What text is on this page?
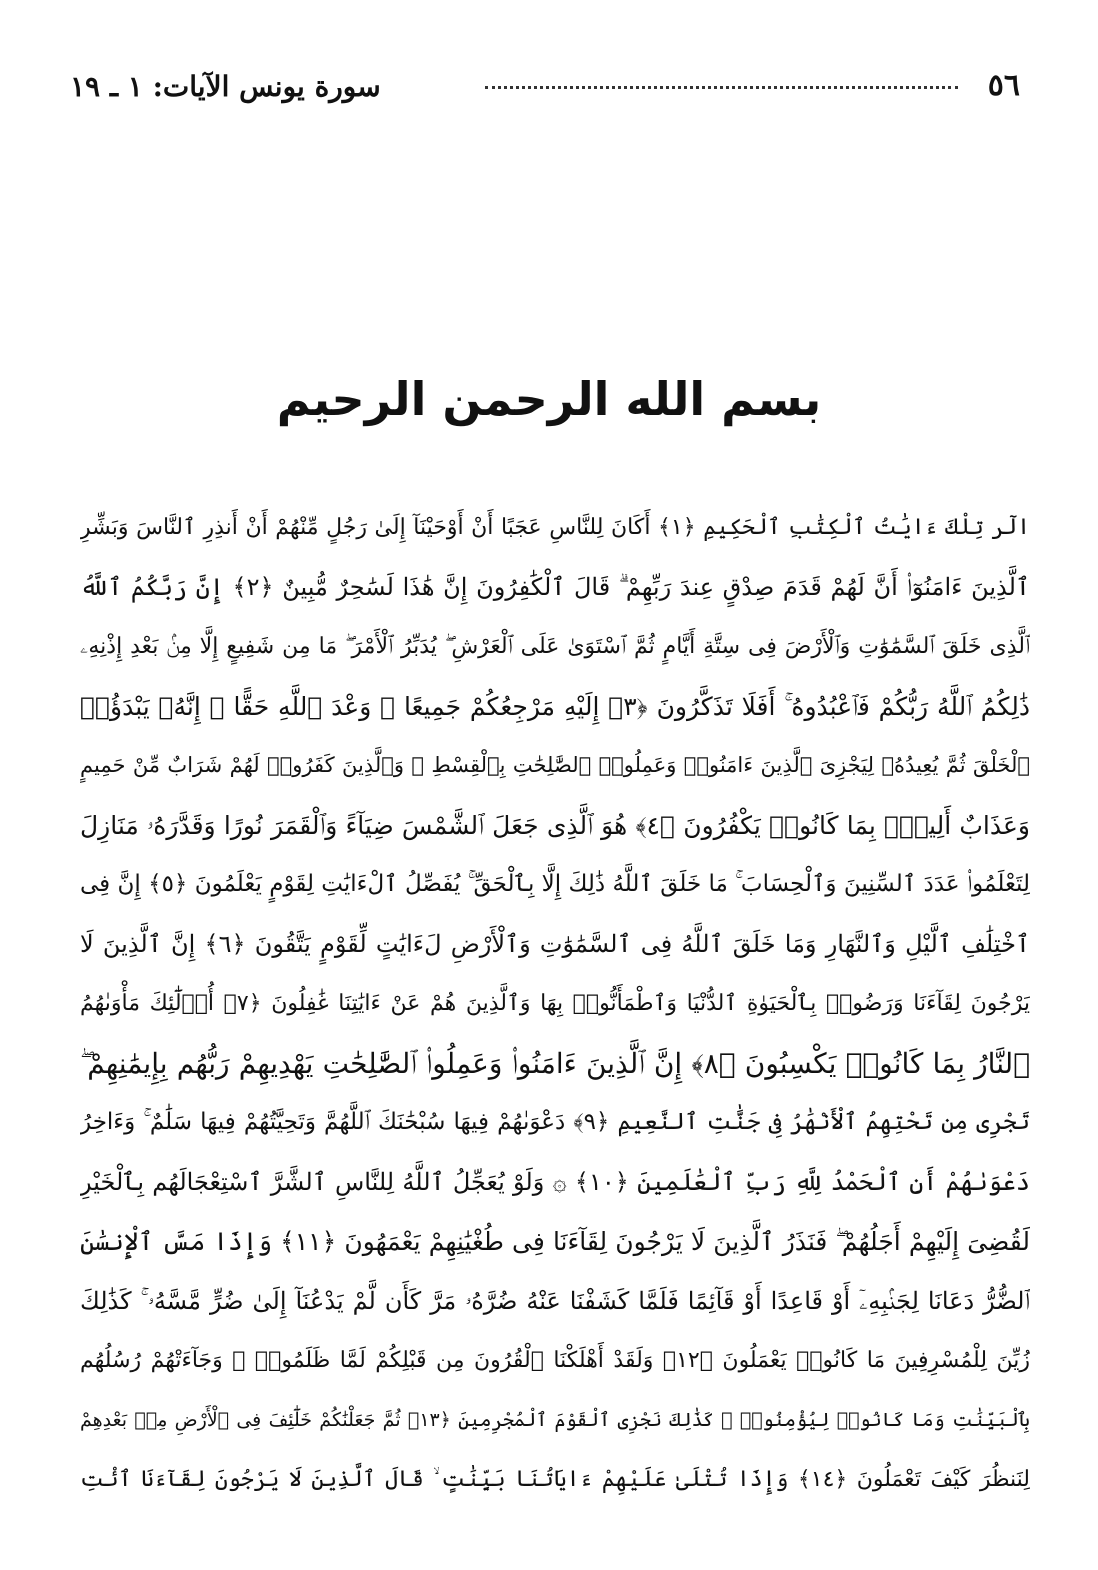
٥٦
سورة يونس الآيات: ١ ـ ١٩
بسم الله الرحمن الرحيم
الٓر تِلْكَ ءَايَٰتُ ٱلْكِتَٰبِ ٱلْحَكِيمِ ﴿١﴾ أَكَانَ لِلنَّاسِ عَجَبًا أَنْ أَوْحَيْنَآ إِلَىٰ رَجُلٍ مِّنْهُمْ أَنْ أَنذِرِ ٱلنَّاسَ وَبَشِّرِ
ٱلَّذِينَ ءَامَنُوٓا۟ أَنَّ لَهُمْ قَدَمَ صِدْقٍ عِندَ رَبِّهِمْ ۗ قَالَ ٱلْكَٰفِرُونَ إِنَّ هَٰذَا لَسَٰحِرٌ مُّبِينٌ ﴿٢﴾ إِنَّ رَبَّكُمُ ٱللَّهُ
ٱلَّذِى خَلَقَ ٱلسَّمَٰوَٰتِ وَٱلْأَرْضَ فِى سِتَّةِ أَيَّامٍ ثُمَّ ٱسْتَوَىٰ عَلَى ٱلْعَرْشِ ۖ يُدَبِّرُ ٱلْأَمْرَ ۖ مَا مِن شَفِيعٍ إِلَّا مِنۢ بَعْدِ إِذْنِهِۦ
ذَٰلِكُمُ ٱللَّهُ رَبُّكُمْ فَٱعْبُدُوهُ ۚ أَفَلَا تَذَكَّرُونَ ﴿٣﴾ إِلَيْهِ مَرْجِعُكُمْ جَمِيعًا ۖ وَعْدَ ٱللَّهِ حَقًّا ۚ إِنَّهُۥ يَبْدَؤُا۟
ٱلْخَلْقَ ثُمَّ يُعِيدُهُۥ لِيَجْزِىَ ٱلَّذِينَ ءَامَنُوا۟ وَعَمِلُوا۟ ٱلصَّٰلِحَٰتِ بِٱلْقِسْطِ ۚ وَٱلَّذِينَ كَفَرُوا۟ لَهُمْ شَرَابٌ مِّنْ حَمِيمٍ
وَعَذَابٌ أَلِيمٌۢ بِمَا كَانُوا۟ يَكْفُرُونَ ﴿٤﴾ هُوَ ٱلَّذِى جَعَلَ ٱلشَّمْسَ ضِيَآءً وَٱلْقَمَرَ نُورًا وَقَدَّرَهُۥ مَنَازِلَ
لِتَعْلَمُوا۟ عَدَدَ ٱلسِّنِينَ وَٱلْحِسَابَ ۚ مَا خَلَقَ ٱللَّهُ ذَٰلِكَ إِلَّا بِٱلْحَقِّ ۚ يُفَصِّلُ ٱلْءَايَٰتِ لِقَوْمٍ يَعْلَمُونَ ﴿٥﴾ إِنَّ فِى
ٱخْتِلَٰفِ ٱلَّيْلِ وَٱلنَّهَارِ وَمَا خَلَقَ ٱللَّهُ فِى ٱلسَّمَٰوَٰتِ وَٱلْأَرْضِ لَءَايَٰتٍ لِّقَوْمٍ يَتَّقُونَ ﴿٦﴾ إِنَّ ٱلَّذِينَ لَا
يَرْجُونَ لِقَآءَنَا وَرَضُوا۟ بِٱلْحَيَوٰةِ ٱلدُّنْيَا وَٱطْمَأَنُّوا۟ بِهَا وَٱلَّذِينَ هُمْ عَنْ ءَايَٰتِنَا غَٰفِلُونَ ﴿٧﴾ أُو۟لَٰٓئِكَ مَأْوَىٰهُمُ
ٱلنَّارُ بِمَا كَانُوا۟ يَكْسِبُونَ ﴿٨﴾ إِنَّ ٱلَّذِينَ ءَامَنُوا۟ وَعَمِلُوا۟ ٱلصَّٰلِحَٰتِ يَهْدِيهِمْ رَبُّهُم بِإِيمَٰنِهِمْ ۖ
تَجْرِى مِن تَحْتِهِمُ ٱلْأَنْهَٰرُ فِى جَنَّٰتِ ٱلنَّعِيمِ ﴿٩﴾ دَعْوَىٰهُمْ فِيهَا سُبْحَٰنَكَ ٱللَّهُمَّ وَتَحِيَّتُهُمْ فِيهَا سَلَٰمٌ ۚ وَءَاخِرُ
دَعْوَىٰهُمْ أَنِ ٱلْحَمْدُ لِلَّهِ رَبِّ ٱلْعَٰلَمِينَ ﴿١٠﴾ ۞ وَلَوْ يُعَجِّلُ ٱللَّهُ لِلنَّاسِ ٱلشَّرَّ ٱسْتِعْجَالَهُم بِٱلْخَيْرِ
لَقُضِىَ إِلَيْهِمْ أَجَلُهُمْ ۖ فَنَذَرُ ٱلَّذِينَ لَا يَرْجُونَ لِقَآءَنَا فِى طُغْيَٰنِهِمْ يَعْمَهُونَ ﴿١١﴾ وَإِذَا مَسَّ ٱلْإِنسَٰنَ
ٱلضُّرُّ دَعَانَا لِجَنۢبِهِۦٓ أَوْ قَاعِدًا أَوْ قَآئِمًا فَلَمَّا كَشَفْنَا عَنْهُ ضُرَّهُۥ مَرَّ كَأَن لَّمْ يَدْعُنَآ إِلَىٰ ضُرٍّ مَّسَّهُۥ ۚ كَذَٰلِكَ
زُيِّنَ لِلْمُسْرِفِينَ مَا كَانُوا۟ يَعْمَلُونَ ﴿١٢﴾ وَلَقَدْ أَهْلَكْنَا ٱلْقُرُونَ مِن قَبْلِكُمْ لَمَّا ظَلَمُوا۟ ۙ وَجَآءَتْهُمْ رُسُلُهُم
بِٱلْبَيِّنَٰتِ وَمَا كَانُوا۟ لِيُؤْمِنُوا۟ ۚ كَذَٰلِكَ نَجْزِى ٱلْقَوْمَ ٱلْمُجْرِمِينَ ﴿١٣﴾ ثُمَّ جَعَلْنَٰكُمْ خَلَٰٓئِفَ فِى ٱلْأَرْضِ مِنۢ بَعْدِهِمْ
لِنَنظُرَ كَيْفَ تَعْمَلُونَ ﴿١٤﴾ وَإِذَا تُتْلَىٰ عَلَيْهِمْ ءَايَاتُنَا بَيِّنَٰتٍ ۙ قَالَ ٱلَّذِينَ لَا يَرْجُونَ لِقَآءَنَا ٱئْتِ
